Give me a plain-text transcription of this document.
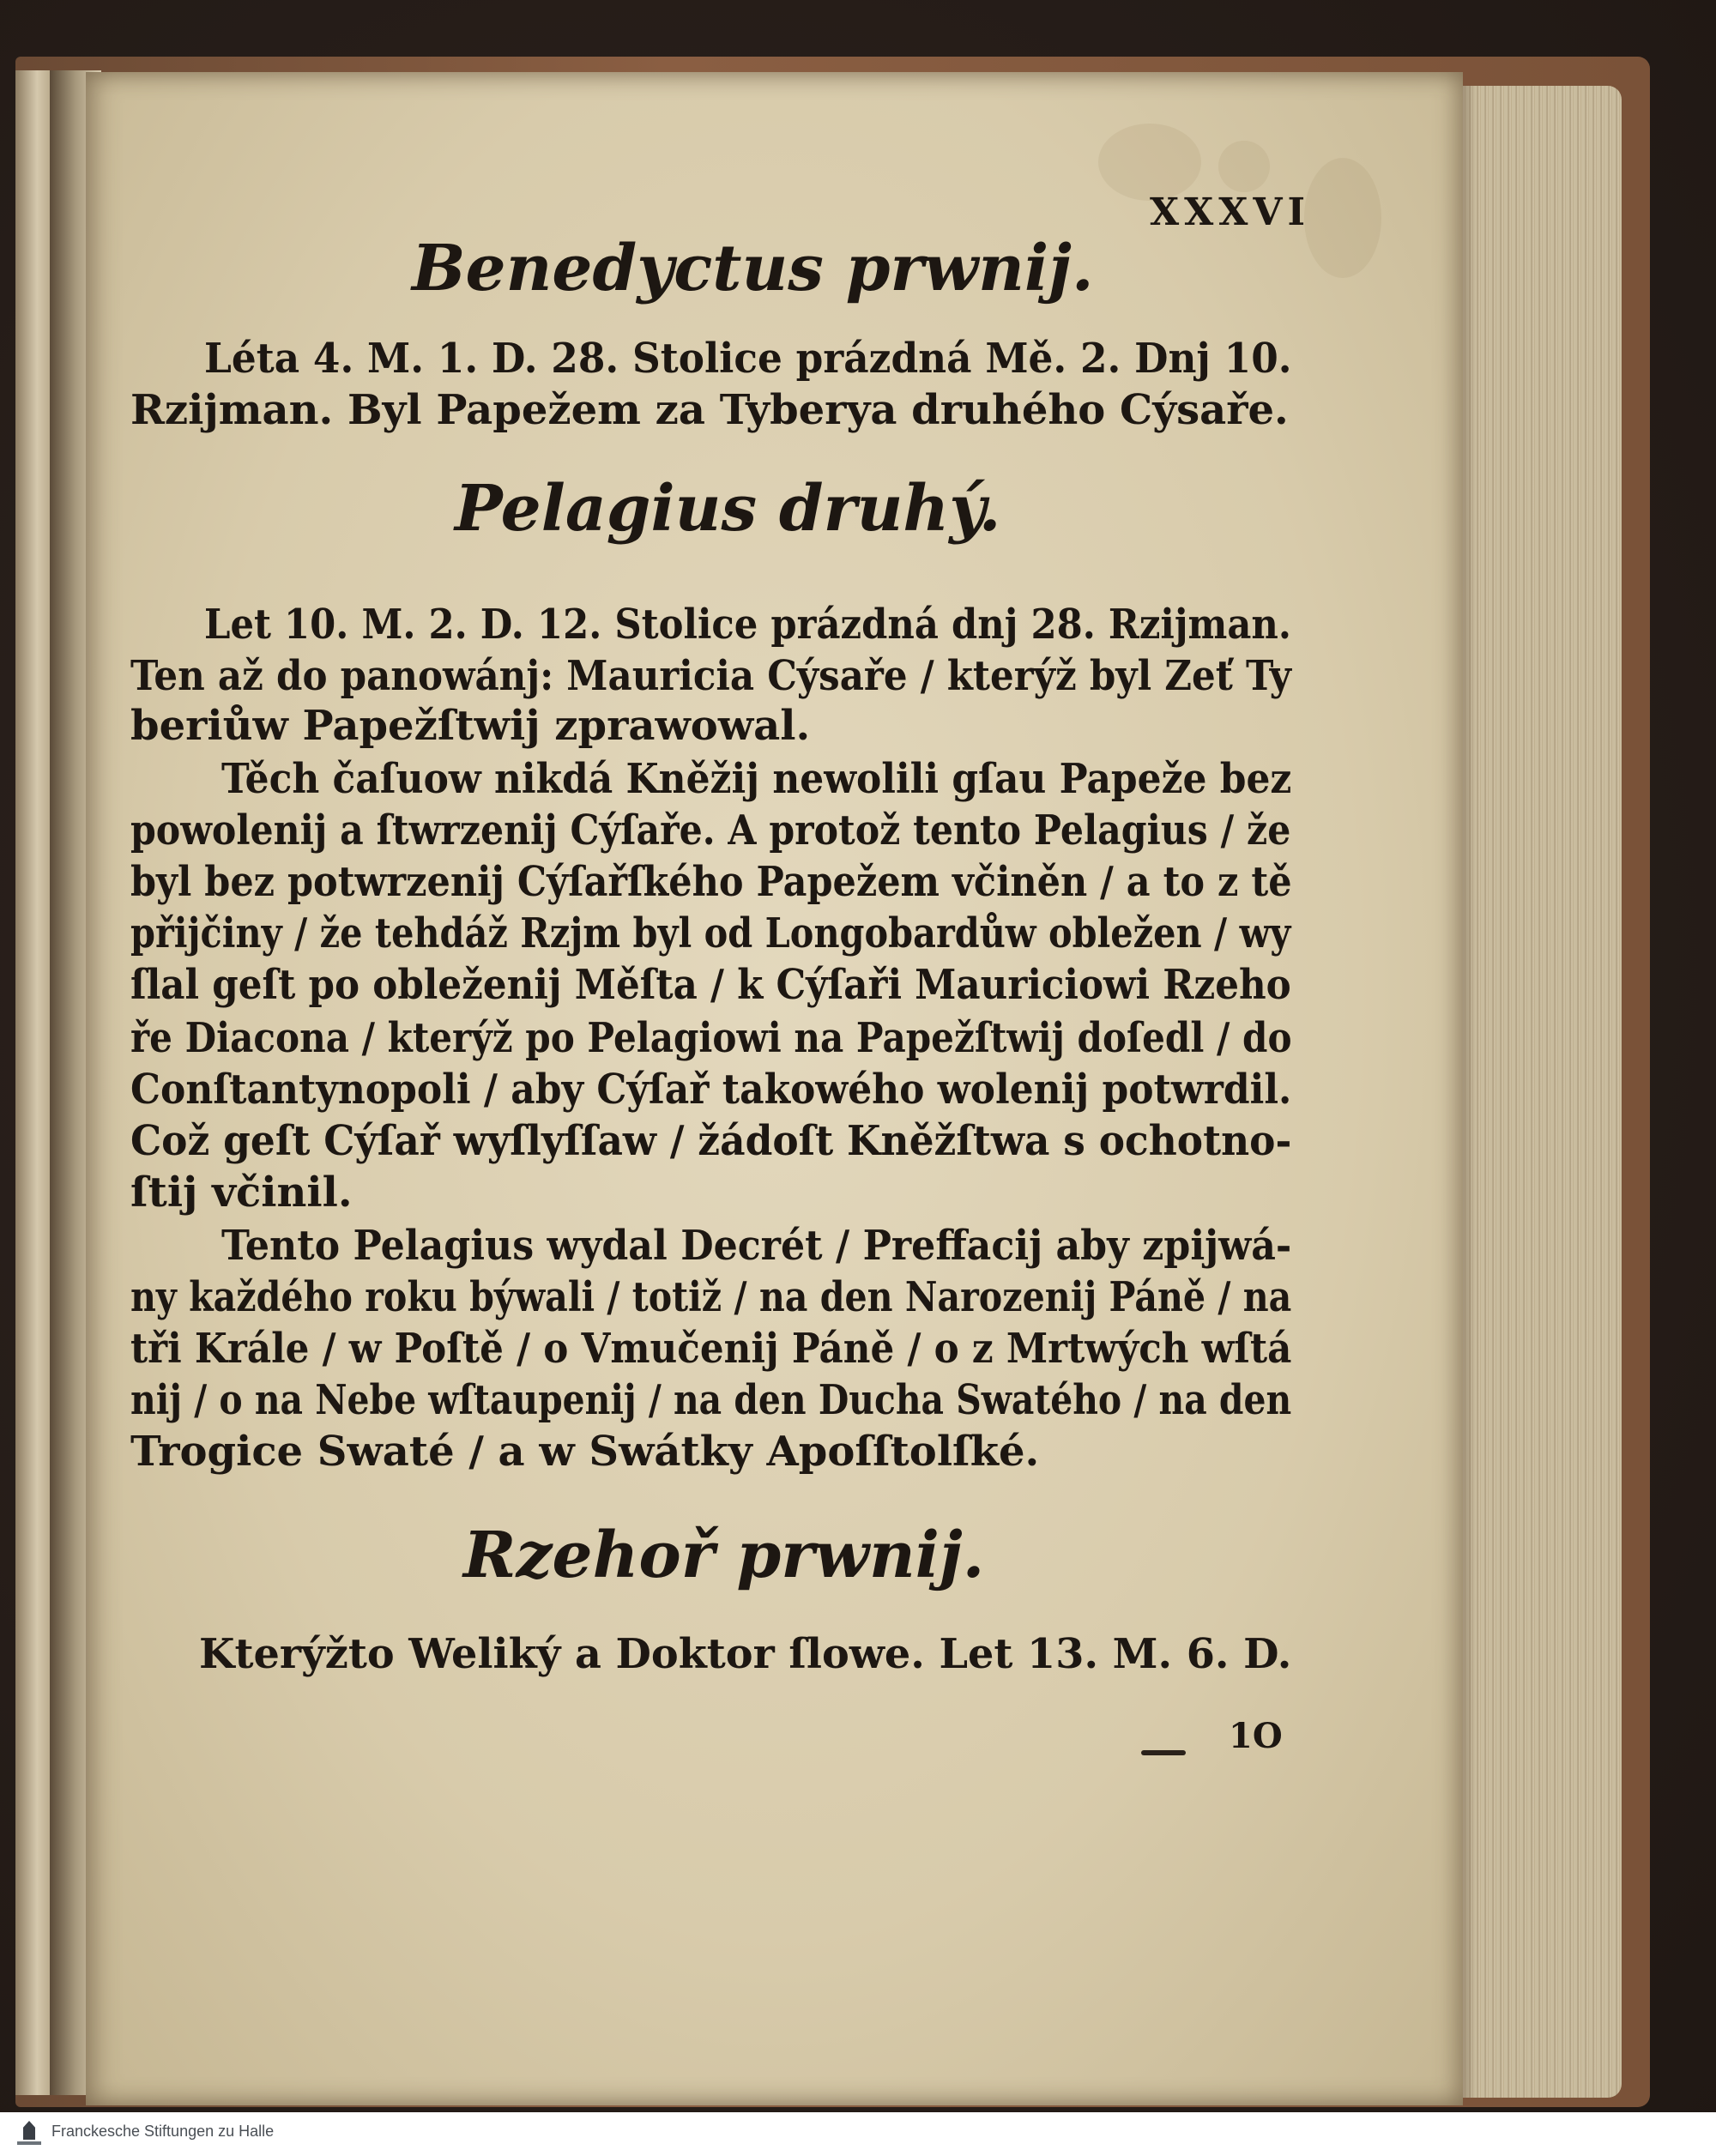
XXXVI
Benedyctus prwnij.
Léta 4. M. 1. D. 28. Stolice prázdná Mě. 2. Dnj 10.
Rzijman. Byl Papežem za Tyberya druhého Cýsaře.
Pelagius druhý.
Let 10. M. 2. D. 12. Stolice prázdná dnj 28. Rzijman.
Ten až do panowánj: Mauricia Cýsaře / kterýž byl Zeť Ty
beriůw Papežſtwij zprawowal.
Těch čaſuow nikdá Kněžij newolili gſau Papeže bez
powolenij a ſtwrzenij Cýſaře. A protož tento Pelagius / že
byl bez potwrzenij Cýſařſkého Papežem včiněn / a to z tě
přijčiny / že tehdáž Rzjm byl od Longobardůw obležen / wy
ſlal geſt po obleženij Měſta / k Cýſaři Mauriciowi Rzeho
ře Diacona / kterýž po Pelagiowi na Papežſtwij doſedl / do
Conſtantynopoli / aby Cýſař takowého wolenij potwrdil.
Což geſt Cýſař wyſlyſſaw / žádoſt Kněžſtwa s ochotno-
ſtij včinil.
Tento Pelagius wydal Decrét / Preffacij aby zpijwá-
ny každého roku býwali / totiž / na den Narozenij Páně / na
tři Krále / w Poſtě / o Vmučenij Páně / o z Mrtwých wſtá
nij / o na Nebe wſtaupenij / na den Ducha Swatého / na den
Trogice Swaté / a w Swátky Apoſſtolſké.
Rzehoř prwnij.
Kterýžto Weliký a Doktor ſlowe. Let 13. M. 6. D.
1O
Franckesche Stiftungen zu Halle
